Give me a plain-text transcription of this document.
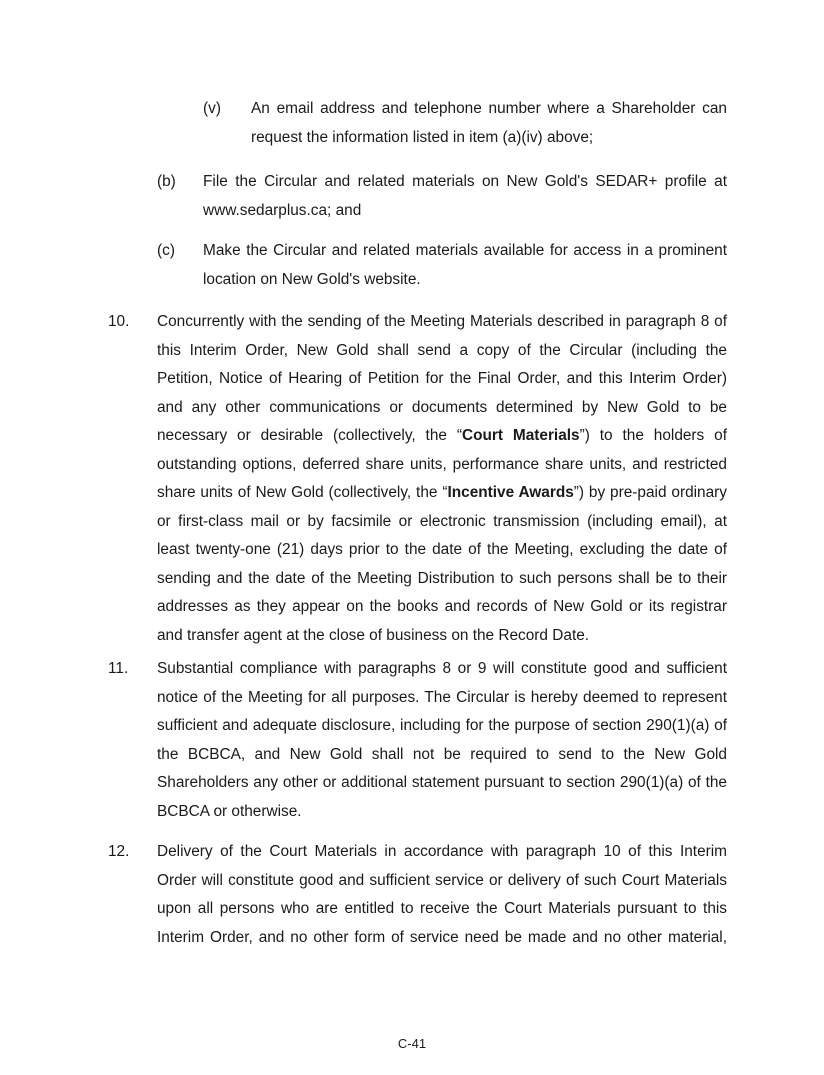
(v) An email address and telephone number where a Shareholder can request the information listed in item (a)(iv) above;
(b) File the Circular and related materials on New Gold's SEDAR+ profile at www.sedarplus.ca; and
(c) Make the Circular and related materials available for access in a prominent location on New Gold's website.
10. Concurrently with the sending of the Meeting Materials described in paragraph 8 of this Interim Order, New Gold shall send a copy of the Circular (including the Petition, Notice of Hearing of Petition for the Final Order, and this Interim Order) and any other communications or documents determined by New Gold to be necessary or desirable (collectively, the “Court Materials”) to the holders of outstanding options, deferred share units, performance share units, and restricted share units of New Gold (collectively, the “Incentive Awards”) by pre-paid ordinary or first-class mail or by facsimile or electronic transmission (including email), at least twenty-one (21) days prior to the date of the Meeting, excluding the date of sending and the date of the Meeting Distribution to such persons shall be to their addresses as they appear on the books and records of New Gold or its registrar and transfer agent at the close of business on the Record Date.
11. Substantial compliance with paragraphs 8 or 9 will constitute good and sufficient notice of the Meeting for all purposes. The Circular is hereby deemed to represent sufficient and adequate disclosure, including for the purpose of section 290(1)(a) of the BCBCA, and New Gold shall not be required to send to the New Gold Shareholders any other or additional statement pursuant to section 290(1)(a) of the BCBCA or otherwise.
12. Delivery of the Court Materials in accordance with paragraph 10 of this Interim Order will constitute good and sufficient service or delivery of such Court Materials upon all persons who are entitled to receive the Court Materials pursuant to this Interim Order, and no other form of service need be made and no other material,
C-41
